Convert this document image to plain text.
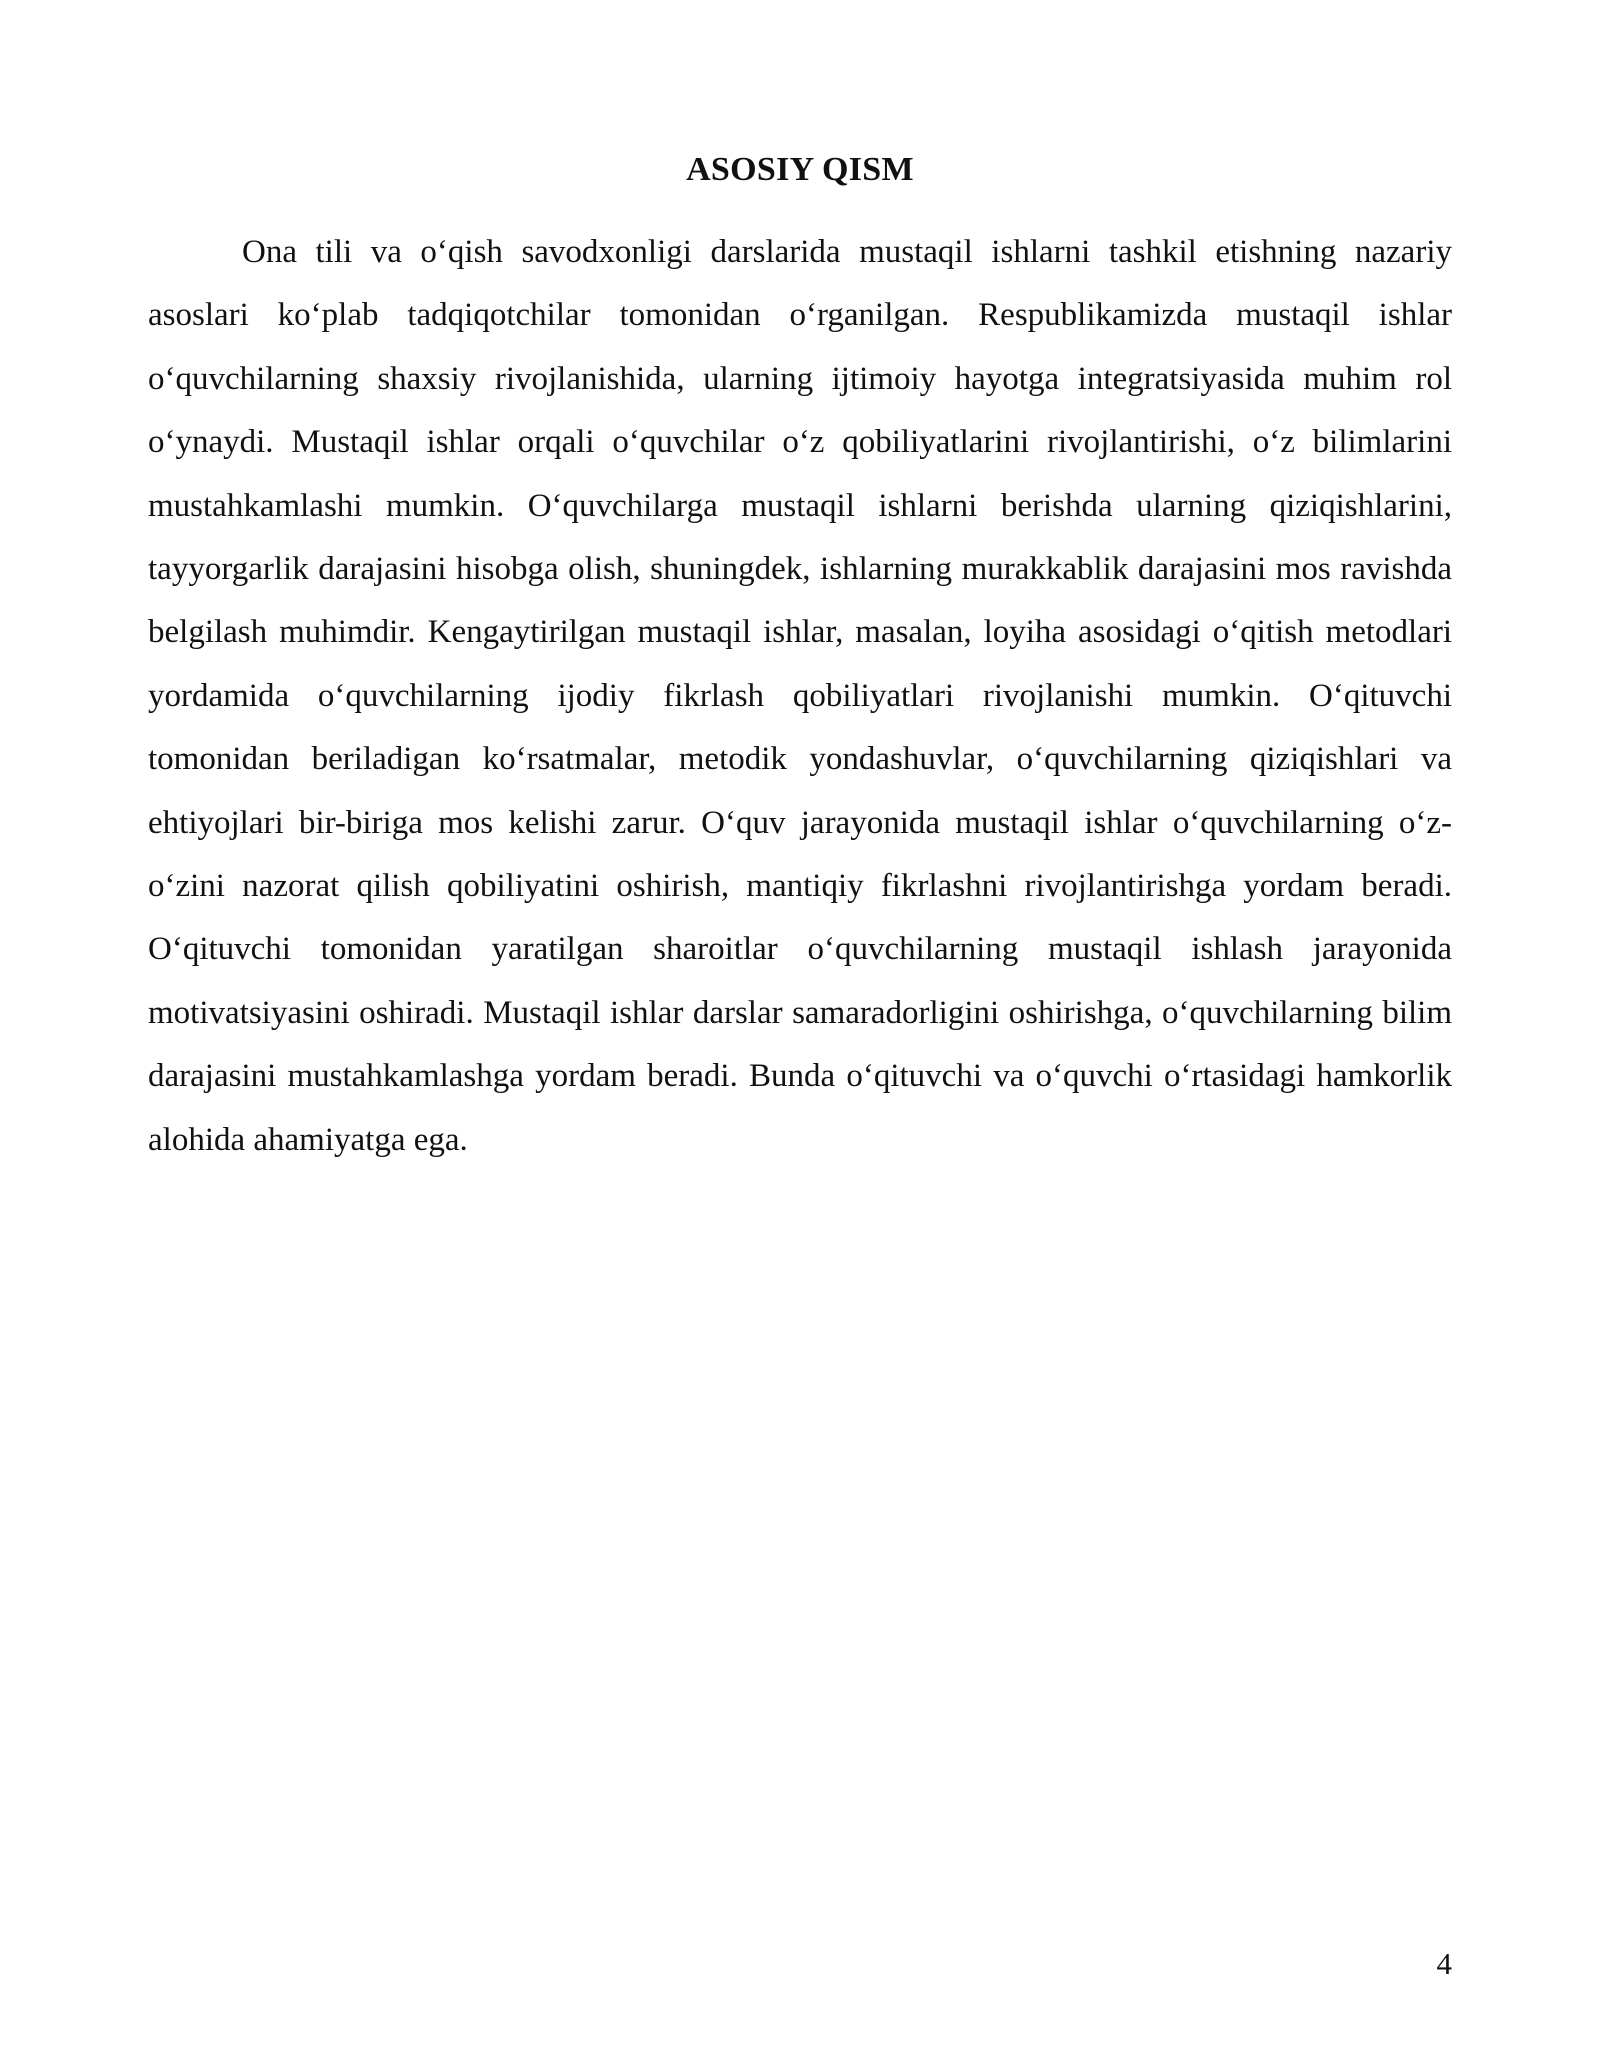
ASOSIY QISM

Ona tili va o‘qish savodxonligi darslarida mustaqil ishlarni tashkil etishning nazariy asoslari ko‘plab tadqiqotchilar tomonidan o‘rganilgan. Respublikamizda mustaqil ishlar o‘quvchilarning shaxsiy rivojlanishida, ularning ijtimoiy hayotga integratsiyasida muhim rol o‘ynaydi. Mustaqil ishlar orqali o‘quvchilar o‘z qobiliyatlarini rivojlantirishi, o‘z bilimlarini mustahkamlashi mumkin. O‘quvchilarga mustaqil ishlarni berishda ularning qiziqishlarini, tayyorgarlik darajasini hisobga olish, shuningdek, ishlarning murakkablik darajasini mos ravishda belgilash muhimdir. Kengaytirilgan mustaqil ishlar, masalan, loyiha asosidagi o‘qitish metodlari yordamida o‘quvchilarning ijodiy fikrlash qobiliyatlari rivojlanishi mumkin. O‘qituvchi tomonidan beriladigan ko‘rsatmalar, metodik yondashuvlar, o‘quvchilarning qiziqishlari va ehtiyojlari bir-biriga mos kelishi zarur. O‘quv jarayonida mustaqil ishlar o‘quvchilarning o‘z-o‘zini nazorat qilish qobiliyatini oshirish, mantiqiy fikrlashni rivojlantirishga yordam beradi. O‘qituvchi tomonidan yaratilgan sharoitlar o‘quvchilarning mustaqil ishlash jarayonida motivatsiyasini oshiradi. Mustaqil ishlar darslar samaradorligini oshirishga, o‘quvchilarning bilim darajasini mustahkamlashga yordam beradi. Bunda o‘qituvchi va o‘quvchi o‘rtasidagi hamkorlik alohida ahamiyatga ega.

4
